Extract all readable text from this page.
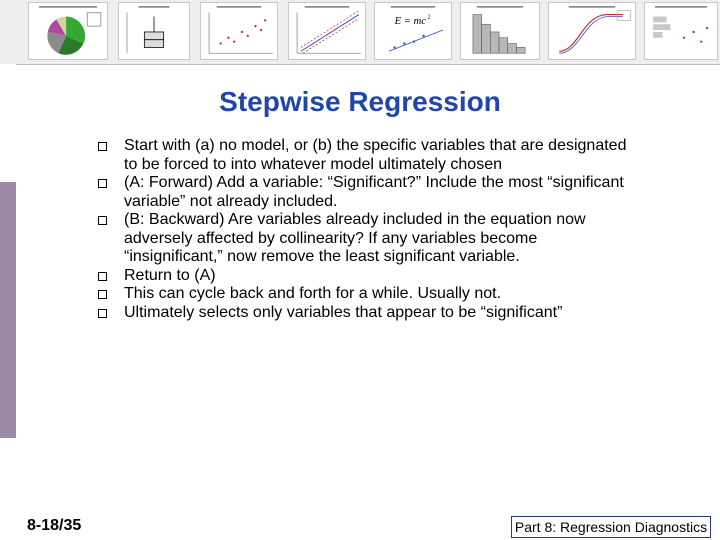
E = mc 2
Stepwise Regression
Start with (a) no model, or (b) the specific variables that are designated to be forced to into whatever model ultimately chosen
(A: Forward) Add a variable: “Significant?” Include the most “significant variable” not already included.
(B: Backward) Are variables already included in the equation now adversely affected by collinearity? If any variables become “insignificant,” now remove the least significant variable.
Return to (A)
This can cycle back and forth for a while. Usually not.
Ultimately selects only variables that appear to be “significant”
8-18/35	Part 8: Regression Diagnostics
